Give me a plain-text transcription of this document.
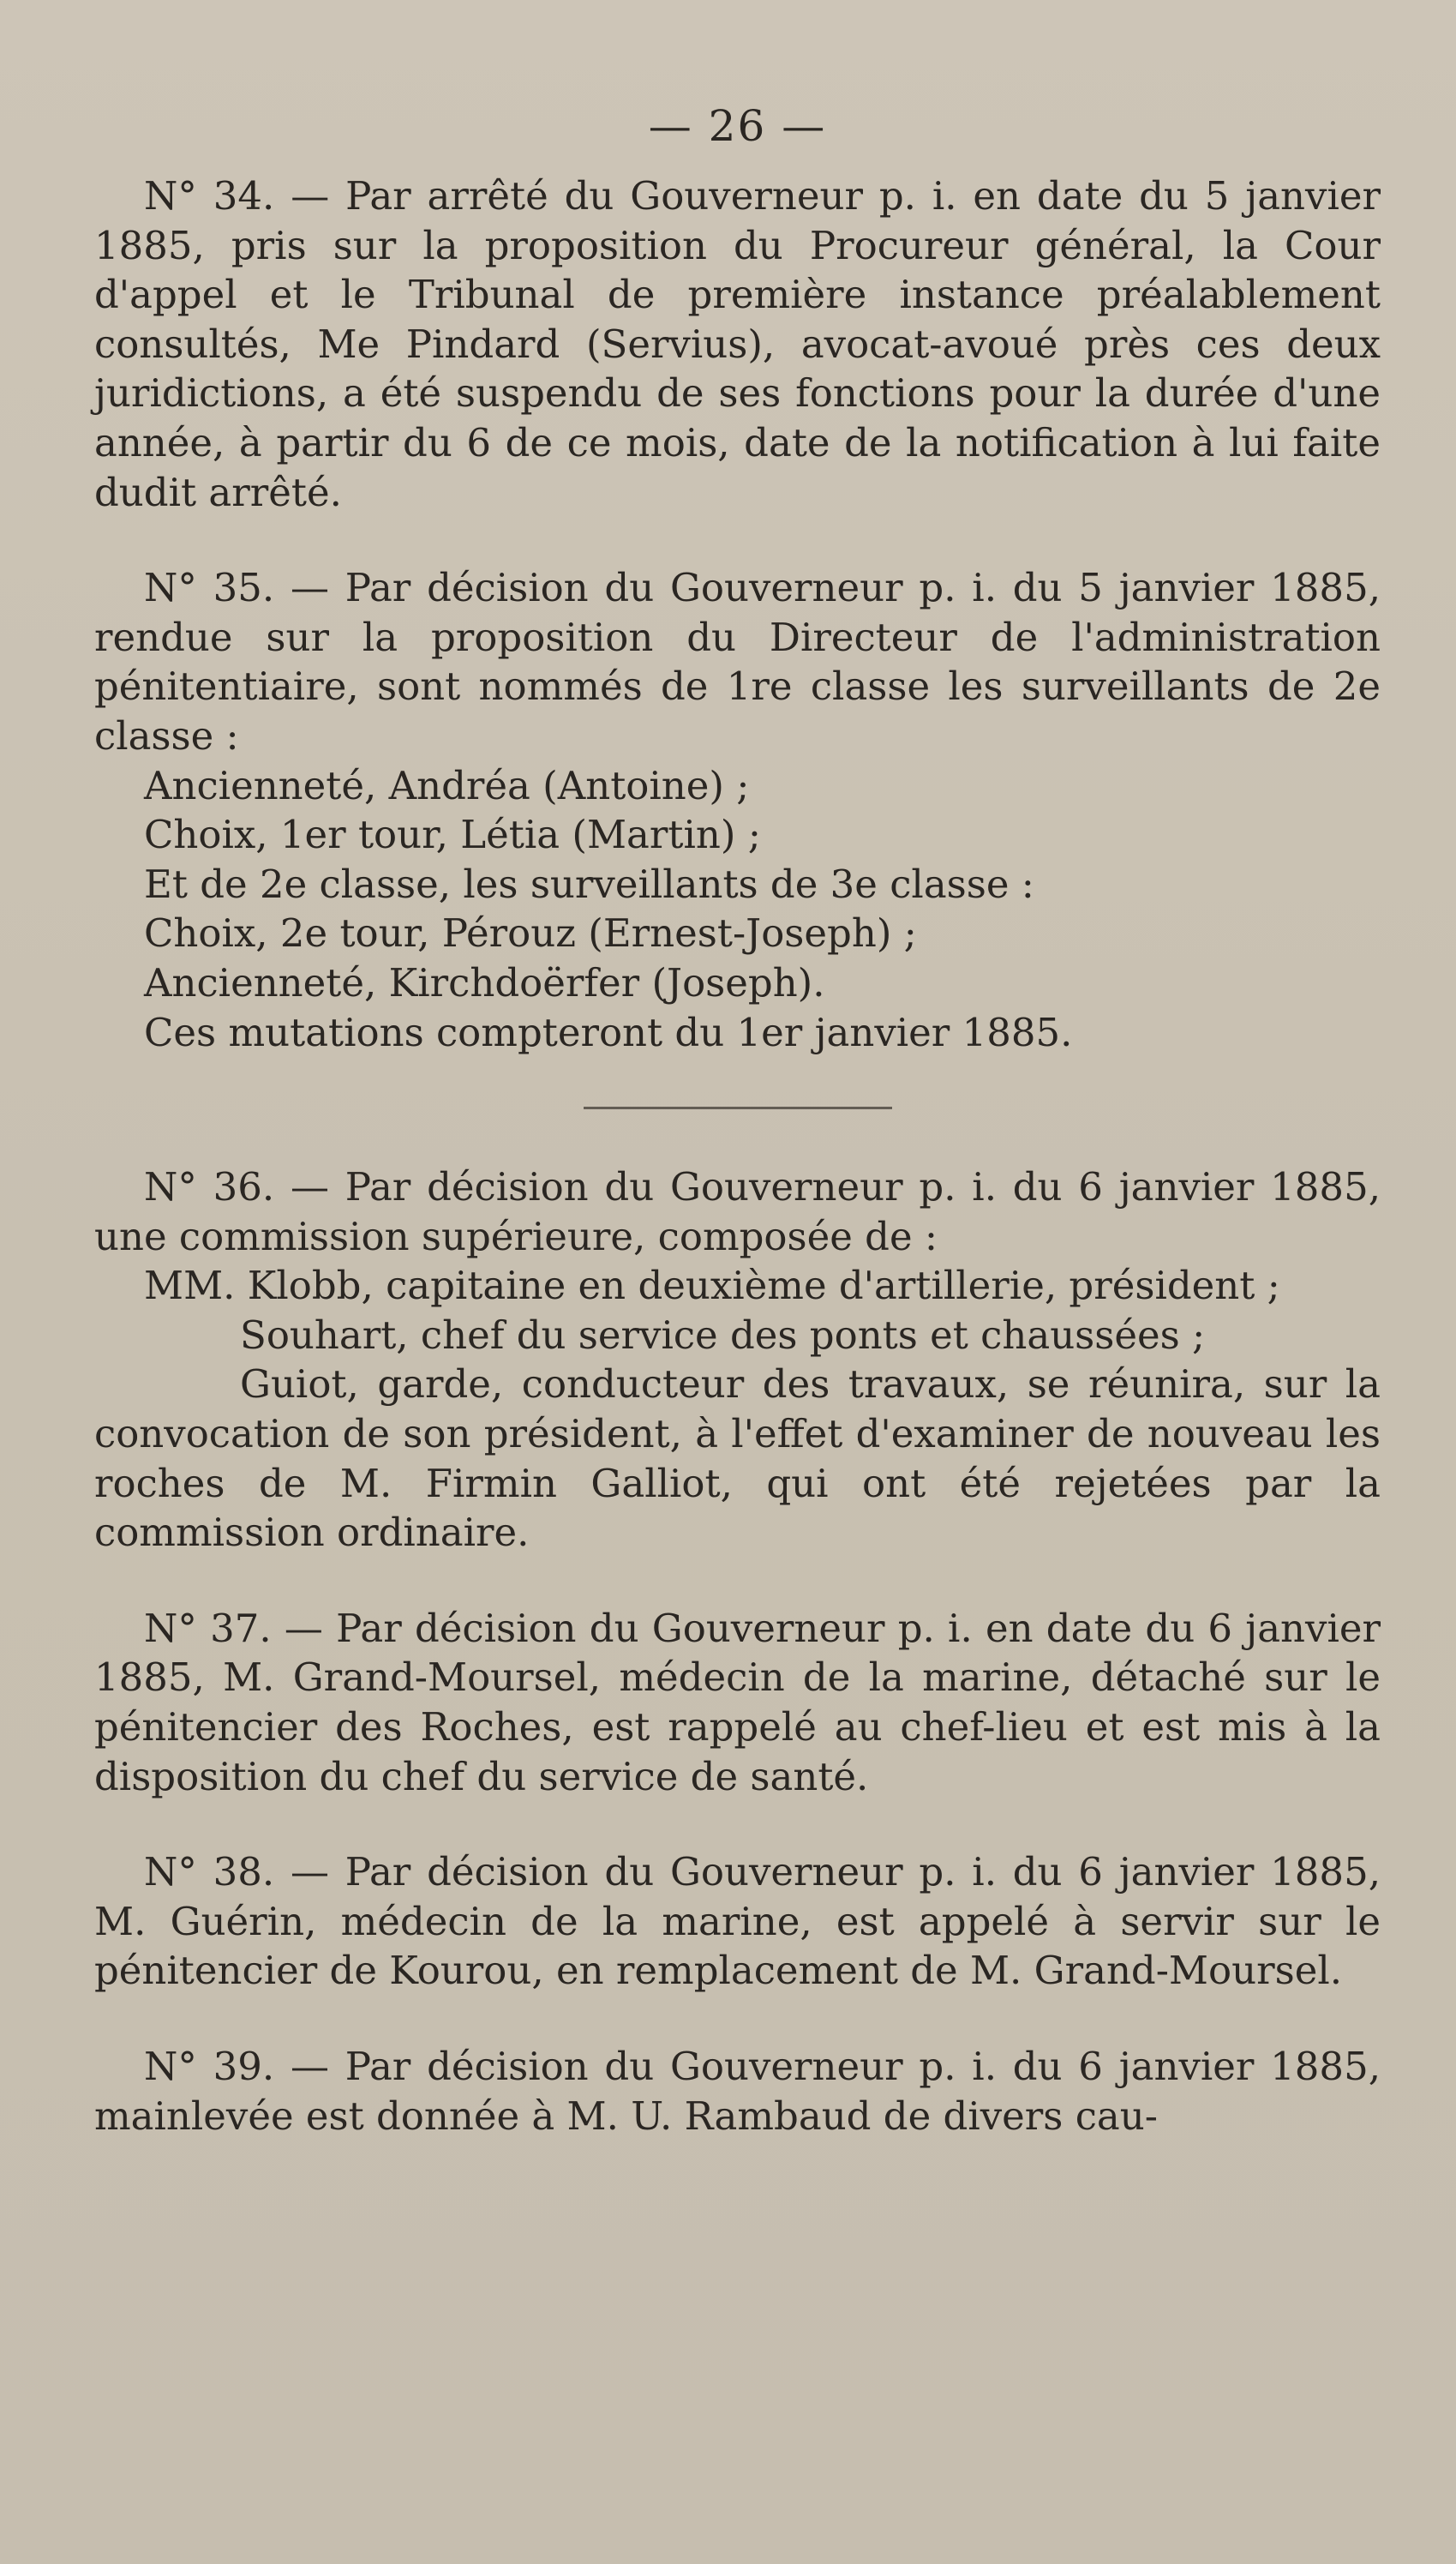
— 26 —

N° 34. — Par arrêté du Gouverneur p. i. en date du 5 janvier 1885, pris sur la proposition du Procureur général, la Cour d'appel et le Tribunal de première instance préalablement consultés, Me Pindard (Servius), avocat-avoué près ces deux juridictions, a été suspendu de ses fonctions pour la durée d'une année, à partir du 6 de ce mois, date de la notification à lui faite dudit arrêté.

N° 35. — Par décision du Gouverneur p. i. du 5 janvier 1885, rendue sur la proposition du Directeur de l'administration pénitentiaire, sont nommés de 1re classe les surveillants de 2e classe :

Ancienneté, Andréa (Antoine) ;

Choix, 1er tour, Létia (Martin) ;

Et de 2e classe, les surveillants de 3e classe :

Choix, 2e tour, Pérouz (Ernest-Joseph) ;

Ancienneté, Kirchdoërfer (Joseph).

Ces mutations compteront du 1er janvier 1885.

N° 36. — Par décision du Gouverneur p. i. du 6 janvier 1885, une commission supérieure, composée de :

MM. Klobb, capitaine en deuxième d'artillerie, président ;

Souhart, chef du service des ponts et chaussées ;

Guiot, garde, conducteur des travaux, se réunira, sur la convocation de son président, à l'effet d'examiner de nouveau les roches de M. Firmin Galliot, qui ont été rejetées par la commission ordinaire.

N° 37. — Par décision du Gouverneur p. i. en date du 6 janvier 1885, M. Grand-Moursel, médecin de la marine, détaché sur le pénitencier des Roches, est rappelé au chef-lieu et est mis à la disposition du chef du service de santé.

N° 38. — Par décision du Gouverneur p. i. du 6 janvier 1885, M. Guérin, médecin de la marine, est appelé à servir sur le pénitencier de Kourou, en remplacement de M. Grand-Moursel.

N° 39. — Par décision du Gouverneur p. i. du 6 janvier 1885, mainlevée est donnée à M. U. Rambaud de divers cau-
